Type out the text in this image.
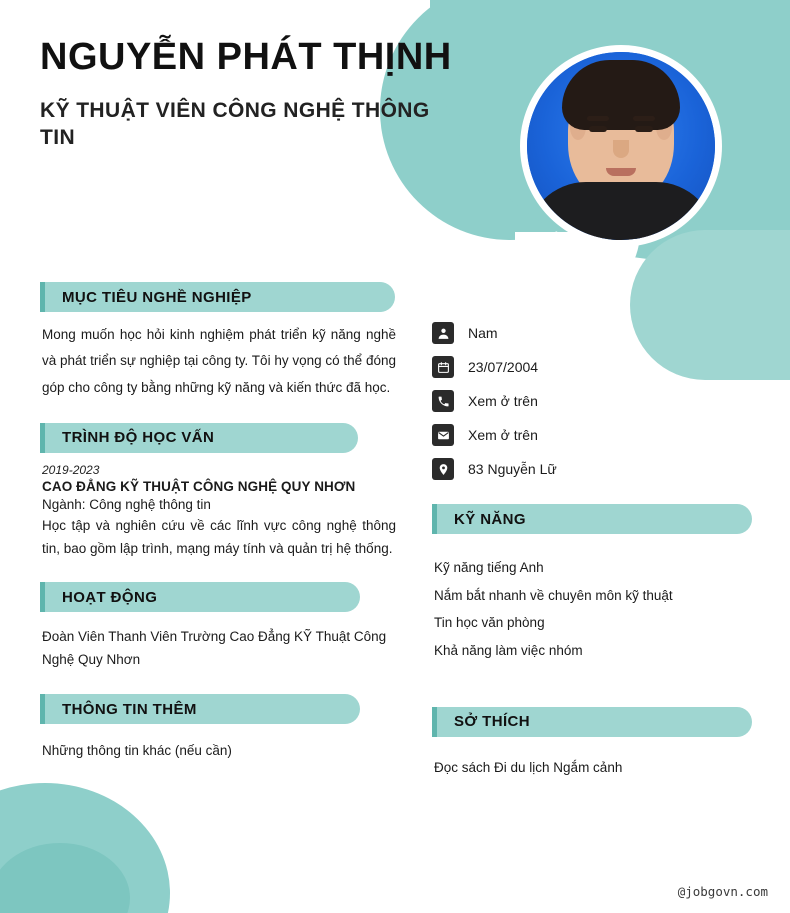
NGUYỄN PHÁT THỊNH
KỸ THUẬT VIÊN CÔNG NGHỆ THÔNG TIN
MỤC TIÊU NGHỀ NGHIỆP
Mong muốn học hỏi kinh nghiệm phát triển kỹ năng nghề và phát triển sự nghiệp tại công ty. Tôi hy vọng có thể đóng góp cho công ty bằng những kỹ năng và kiến thức đã học.
TRÌNH ĐỘ HỌC VẤN
2019-2023
CAO ĐẲNG KỸ THUẬT CÔNG NGHỆ QUY NHƠN
Ngành: Công nghệ thông tin
Học tập và nghiên cứu về các lĩnh vực công nghệ thông tin, bao gồm lập trình, mạng máy tính và quản trị hệ thống.
HOẠT ĐỘNG
Đoàn Viên Thanh Viên Trường Cao Đẳng KỸ Thuật Công Nghệ Quy Nhơn
THÔNG TIN THÊM
Những thông tin khác (nếu cần)
Nam
23/07/2004
Xem ở trên
Xem ở trên
83 Nguyễn Lữ
KỸ NĂNG
Kỹ năng tiếng Anh
Nắm bắt nhanh về chuyên môn kỹ thuật
Tin học văn phòng
Khả năng làm việc nhóm
SỞ THÍCH
Đọc sách Đi du lịch Ngắm cảnh
@jobgovn.com
